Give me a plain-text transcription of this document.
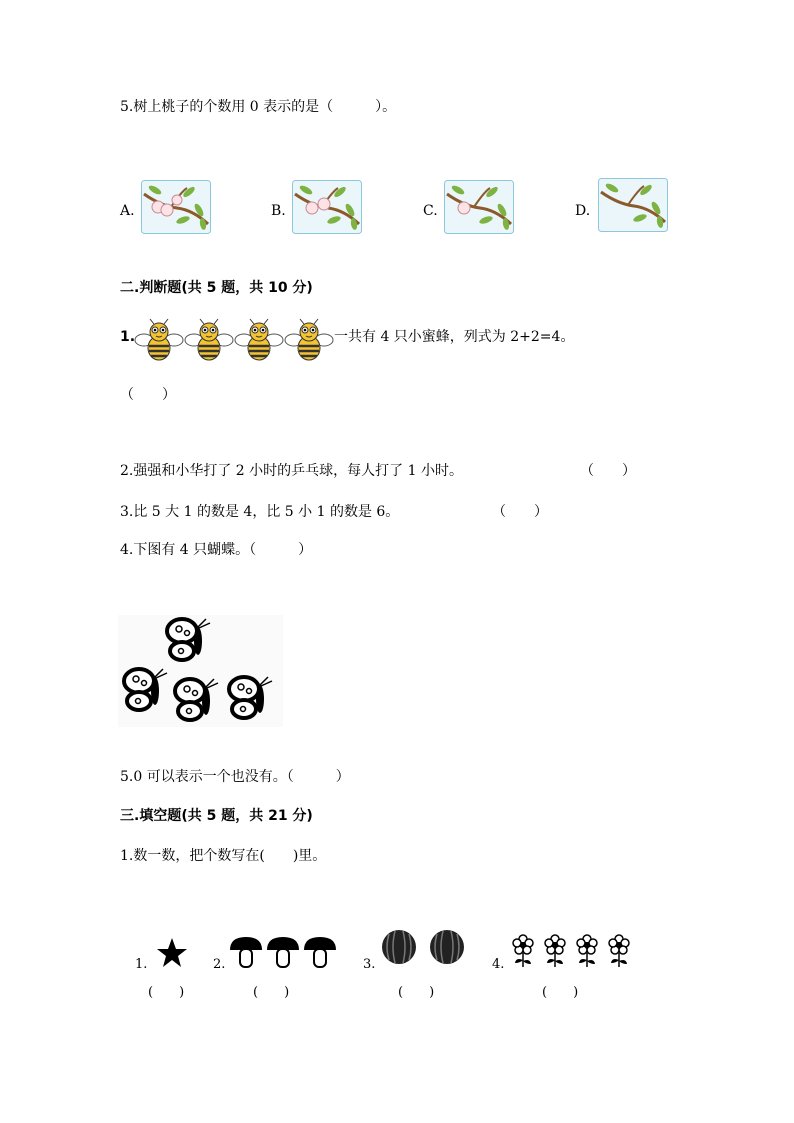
5.树上桃子的个数用 0 表示的是（　　　）。
A.	B.	C.	D.
二.判断题(共 5 题，共 10 分)
1.	一共有 4 只小蜜蜂，列式为 2+2=4。
（　　）
2.强强和小华打了 2 小时的乒乓球，每人打了 1 小时。	（　　）
3.比 5 大 1 的数是 4，比 5 小 1 的数是 6。	（　　）
4.下图有 4 只蝴蝶。（　　　）
5.0 可以表示一个也没有。（　　　）
三.填空题(共 5 题，共 21 分)
1.数一数，把个数写在(　　)里。
1.
(　　)
2.
(　　)
3.
(　　)
4.
(　　)
